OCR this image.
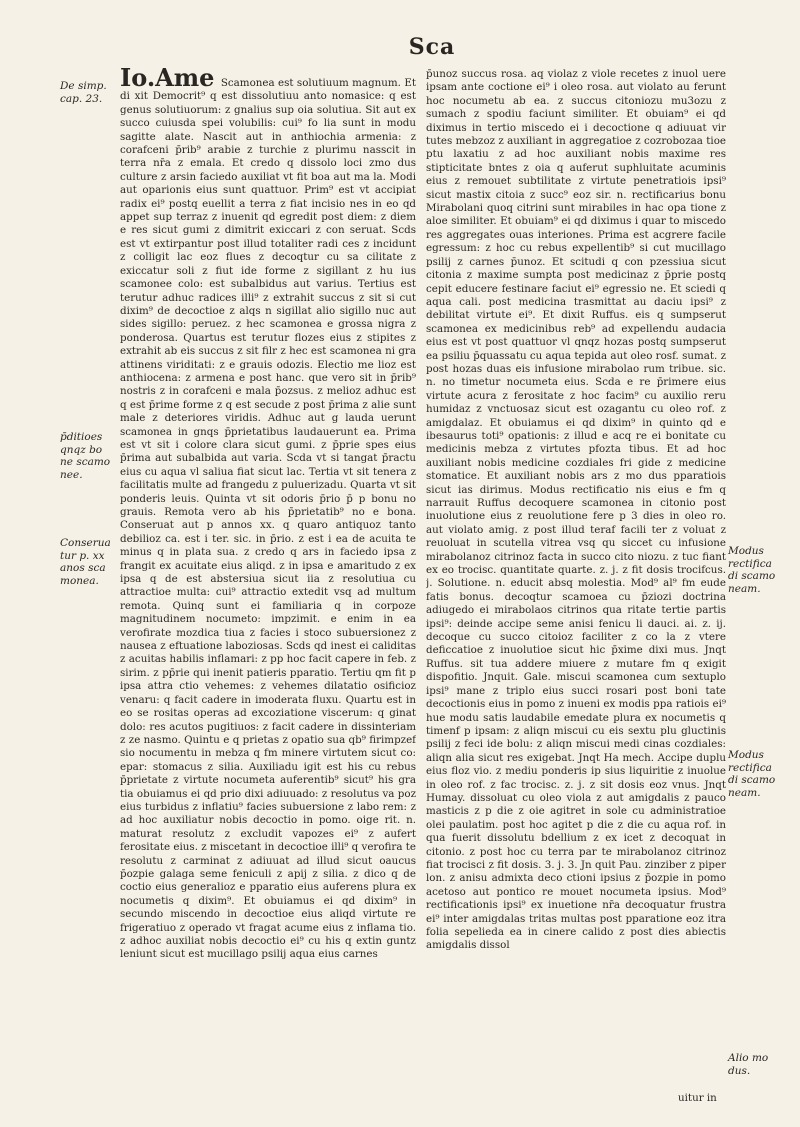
Sca
De simp.
cap. 23.
p̄ditioes
qnqz bo
ne scamo
nee.
Conserua
tur p. xx
anos sca
monea.

Io.Ame Scamonea est solutiuum magnum. Et di xit Democrit⁹ q est dissolutiuu anto nomasice: q est genus solutiuorum: z gnalius sup oia solutiua. Sit aut ex succo cuiusda spei volubilis: cui⁹ fo lia sunt in modu sagitte alate. Nascit aut in anthiochia armenia: z corafceni p̄rib⁹ arabie z turchie z plurimu nasscit in terra nr̄a z emala. Et credo q dissolo loci zmo dus culture z arsin faciedo auxiliat vt fit boa aut ma la. Modi aut oparionis eius sunt quattuor. Prim⁹ est vt accipiat radix ei⁹ postq euellit a terra z fiat incisio nes in eo qd appet sup terraz z inuenit qd egredit post diem: z diem e res sicut gumi z dimitrit exiccari z con seruat. Scds est vt extirpantur post illud totaliter radi ces z incidunt z colligit lac eoz flues z decoqtur cu sa cilitate z exiccatur soli z fiut ide forme z sigillant z hu ius scamonee colo: est subalbidus aut varius. Tertius est terutur adhuc radices illi⁹ z extrahit succus z sit si cut dixim⁹ de decoctioe z alqs n sigillat alio sigillo nuc aut sides sigillo: peruez. z hec scamonea e grossa nigra z ponderosa. Quartus est terutur flozes eius z stipites z extrahit ab eis succus z sit filr z hec est scamonea ni gra attinens viriditati: z e grauis odozis. Electio me lioz est anthiocena: z armena e post hanc. que vero sit in p̄rib⁹ nostris z in corafceni e mala p̄ozsus. z melioz adhuc est q est p̄rime forme z q est secude z post p̄rima z alie sunt male z deteriores viridis. Adhuc aut g lauda uerunt scamonea in gnqs p̄prietatibus laudauerunt ea. Prima est vt sit i colore clara sicut gumi. z p̄prie spes eius p̄rima aut subalbida aut varia. Scda vt si tangat p̄ractu eius cu aqua vl saliua fiat sicut lac. Tertia vt sit tenera z facilitatis multe ad frangedu z puluerizadu. Quarta vt sit ponderis leuis. Quinta vt sit odoris p̄rio p̄ p bonu no grauis. Remota vero ab his p̄prietatib⁹ no e bona. Conseruat aut p annos xx. q quaro antiquoz tanto debilioz ca. est i ter. sic. in p̄rio. z est i ea de acuita te minus q in plata sua. z credo q ars in faciedo ipsa z frangit ex acuitate eius aliqd. z in ipsa e amaritudo z ex ipsa q de est abstersiua sicut iia z resolutiua cu attractioe multa: cui⁹ attractio extedit vsq ad multum remota. Quinq sunt ei familiaria q in corpoze magnitudinem nocumeto: impzimit. e enim in ea verofirate mozdica tiua z facies i stoco subuersionez z nausea z eftuatione laboziosas. Scds qd inest ei caliditas z acuitas habilis inflamari: z pp hoc facit capere in feb. z sirim. z pp̄rie qui inenit patieris pparatio. Tertiu qm fit p ipsa attra ctio vehemes: z vehemes dilatatio osificioz venaru: q facit cadere in imoderata fluxu. Quartu est in eo se rositas operas ad excoziatione viscerum: q ginat dolo: res acutos pugitiuos: z facit cadere in dissinteriam z ze nasmo. Quintu e q prietas z opatio sua qb⁹ firimpzef sio nocumentu in mebza q fm minere virtutem sicut co: epar: stomacus z silia. Auxiliadu igit est his cu rebus p̄prietate z virtute nocumeta auferentib⁹ sicut⁹ his gra tia obuiamus ei qd prio dixi adiuuado: z resolutus va poz eius turbidus z inflatiu⁹ facies subuersione z labo rem: z ad hoc auxiliatur nobis decoctio in pomo. oige rit. n. maturat resolutz z excludit vapozes ei⁹ z aufert ferositate eius. z miscetant in decoctioe illi⁹ q verofira te resolutu z carminat z adiuuat ad illud sicut oaucus p̄ozpie galaga seme feniculi z apij z silia. z dico q de coctio eius generalioz e pparatio eius auferens plura ex nocumetis q dixim⁹. Et obuiamus ei qd dixim⁹ in secundo miscendo in decoctioe eius aliqd virtute re frigeratiuo z operado vt fragat acume eius z inflama tio. z adhoc auxiliat nobis decoctio ei⁹ cu his q extin guntz leniunt sicut est mucillago psilij aqua eius carnes

p̄unoz succus rosa. aq violaz z viole recetes z inuol uere ipsam ante coctione ei⁹ i oleo rosa. aut violato au ferunt hoc nocumetu ab ea. z succus citoniozu mu3ozu z sumach z spodiu faciunt similiter. Et obuiam⁹ ei qd diximus in tertio miscedo ei i decoctione q adiuuat vir tutes mebzoz z auxiliant in aggregatioe z cozrobozaa tioe ptu laxatiu z ad hoc auxiliant nobis maxime res stipticitate bntes z oia q auferut suphluitate acuminis eius z remouet subtilitate z virtute penetratiois ipsi⁹ sicut mastix citoia z succ⁹ eoz sir. n. rectificarius bonu Mirabolani quoq citrini sunt mirabiles in hac opa tione z aloe similiter. Et obuiam⁹ ei qd diximus i quar to miscedo res aggregates ouas interiones. Prima est acgrere facile egressum: z hoc cu rebus expellentib⁹ si cut mucillago psilij z carnes p̄unoz. Et scitudi q con pzessiua sicut citonia z maxime sumpta post medicinaz z p̄prie postq cepit educere festinare faciut ei⁹ egressio ne. Et sciedi q aqua cali. post medicina trasmittat au daciu ipsi⁹ z debilitat virtute ei⁹. Et dixit Ruffus. eis q sumpserut scamonea ex medicinibus reb⁹ ad expellendu audacia eius est vt post quattuor vl qnqz hozas postq sumpserut ea psiliu p̄quassatu cu aqua tepida aut oleo rosf. sumat. z post hozas duas eis infusione mirabolao rum tribue. sic. n. no timetur nocumeta eius. Scda e re p̄rimere eius virtute acura z ferositate z hoc facim⁹ cu auxilio reru humidaz z vnctuosaz sicut est ozagantu cu oleo rof. z amigdalaz. Et obuiamus ei qd dixim⁹ in quinto qd e ibesaurus toti⁹ opationis: z illud e acq re ei bonitate cu medicinis mebza z virtutes pfozta tibus. Et ad hoc auxiliant nobis medicine cozdiales fri gide z medicine stomatice. Et auxiliant nobis ars z mo dus pparatiois sicut ias dirimus. Modus rectificatio nis eius e fm q narrauit Ruffus decoquere scamonea in citonio post inuolutione eius z reuolutione fere p 3 dies in oleo ro. aut violato amig. z post illud teraf facili ter z voluat z reuoluat in scutella vitrea vsq qu siccet cu infusione mirabolanoz citrinoz facta in succo cito niozu. z tuc fiant ex eo trocisc. quantitate quarte. z. j. z fit dosis trocifcus. j. Solutione. n. educit absq molestia. Mod⁹ al⁹ fm eude fatis bonus. decoqtur scamoea cu p̄ziozi doctrina adiugedo ei mirabolaos citrinos qua ritate tertie partis ipsi⁹: deinde accipe seme anisi fenicu li dauci. ai. z. ij. decoque cu succo citoioz faciliter z co la z vtere deficcatioe z inuolutioe sicut hic p̄xime dixi mus. Jnqt Ruffus. sit tua addere miuere z mutare fm q exigit dispofitio. Jnquit. Gale. miscui scamonea cum sextuplo ipsi⁹ mane z triplo eius succi rosari post boni tate decoctionis eius in pomo z inueni ex modis ppa ratiois ei⁹ hue modu satis laudabile emedate plura ex nocumetis q timenf p ipsam: z aliqn miscui cu eis sextu plu gluctinis psilij z feci ide bolu: z aliqn miscui medi cinas cozdiales: aliqn alia sicut res exigebat. Jnqt Ha mech. Accipe duplu eius floz vio. z mediu ponderis ip sius liquiritie z inuolue in oleo rof. z fac trocisc. z. j. z sit dosis eoz vnus. Jnqt Humay. dissoluat cu oleo viola z aut amigdalis z pauco masticis z p die z oie agitret in sole cu administratioe olei paulatim. post hoc agitet p die z die cu aqua rof. in qua fuerit dissolutu bdellium z ex icet z decoquat in citonio. z post hoc cu terra par te mirabolanoz citrinoz fiat trocisci z fit dosis. 3. j. 3. Jn quit Pau. zinziber z piper lon. z anisu admixta deco ctioni ipsius z p̄ozpie in pomo acetoso aut pontico re mouet nocumeta ipsius. Mod⁹ rectificationis ipsi⁹ ex inuetione nr̄a decoquatur frustra ei⁹ inter amigdalas tritas multas post pparatione eoz itra folia sepelieda ea in cinere calido z post dies abiectis amigdalis dissol

uitur in
Modus
rectifica
di scamo
neam.
Modus
rectifica
di scamo
neam.
Alio mo
dus.
